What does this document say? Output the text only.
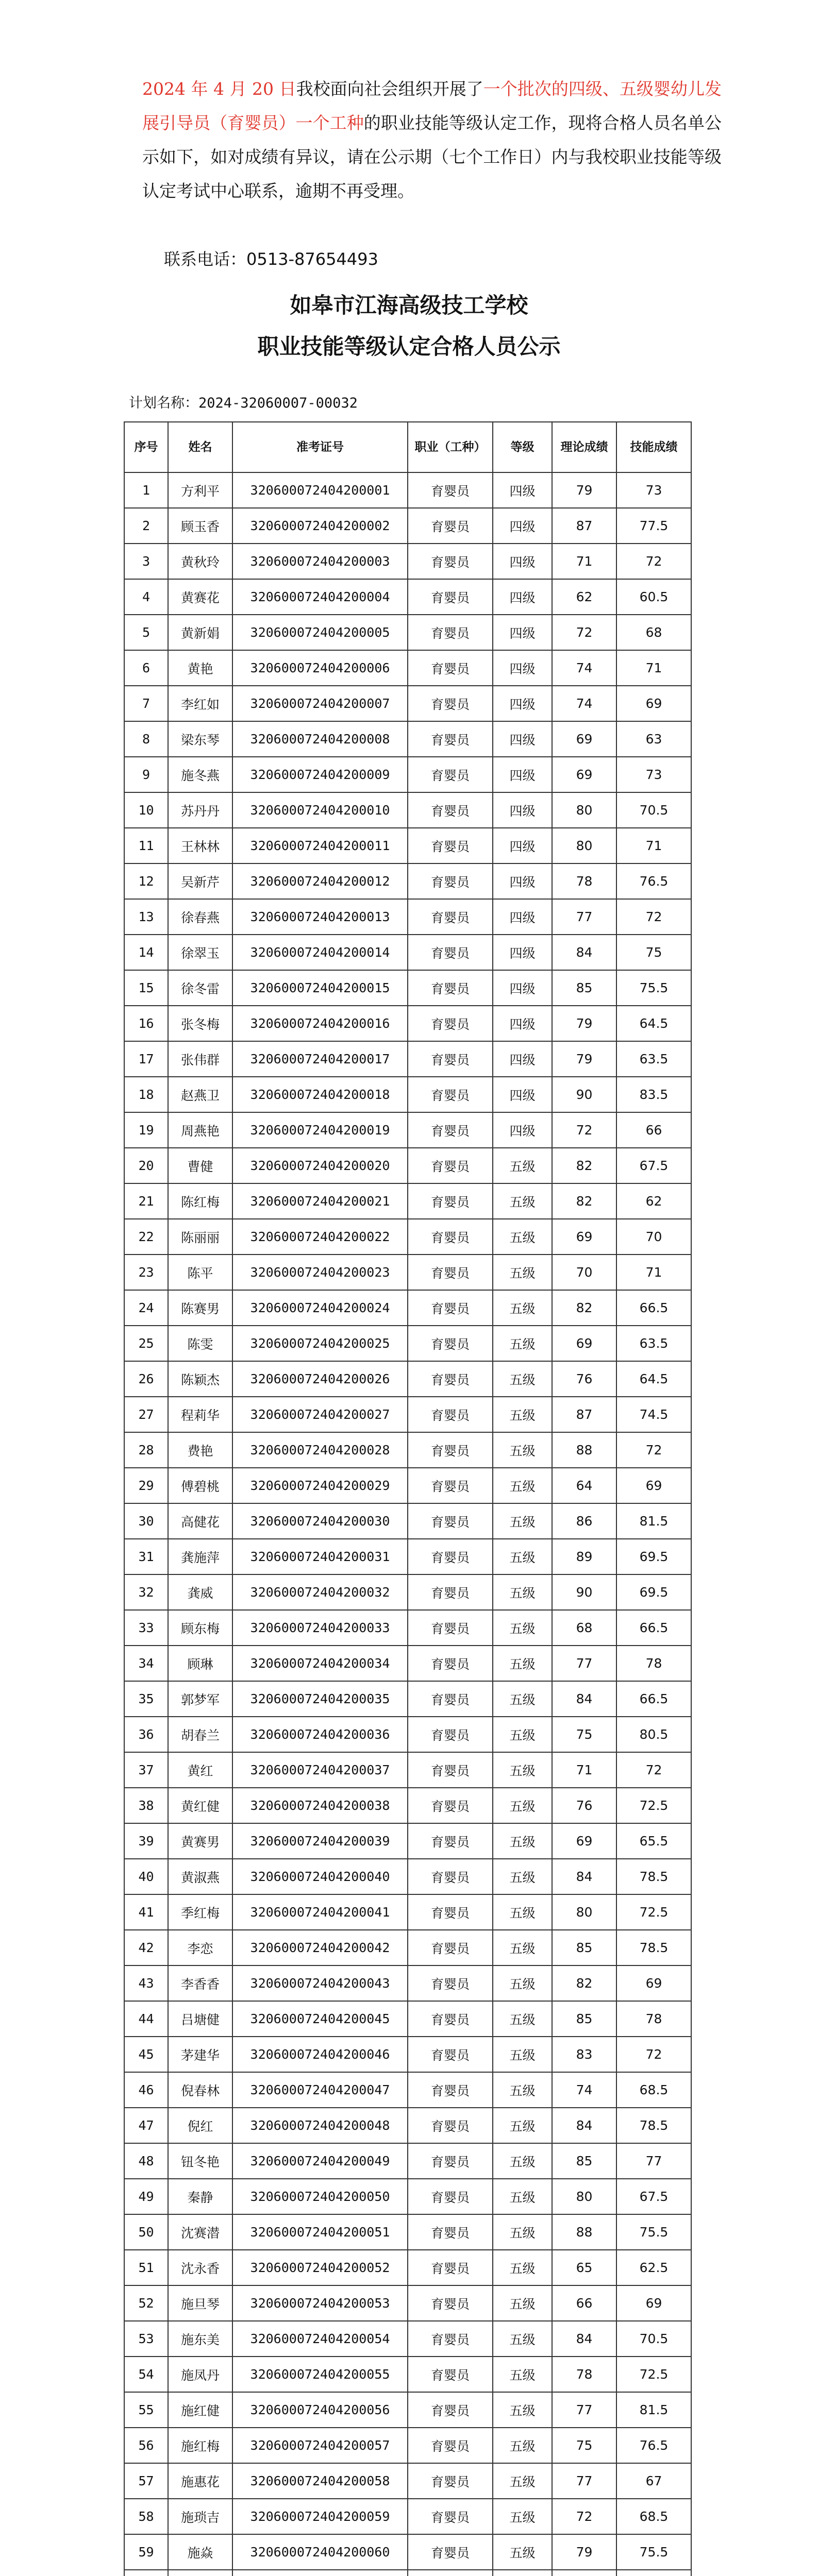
2024 年 4 月 20 日我校面向社会组织开展了一个批次的四级、五级婴幼儿发展引导员（育婴员）一个工种的职业技能等级认定工作，现将合格人员名单公示如下，如对成绩有异议，请在公示期（七个工作日）内与我校职业技能等级认定考试中心联系，逾期不再受理。
联系电话：0513-87654493
如皋市江海高级技工学校
职业技能等级认定合格人员公示
计划名称：2024-32060007-00032
序号	姓名	准考证号	职业（工种）	等级	理论成绩	技能成绩
1	方利平	320600072404200001	育婴员	四级	79	73
2	顾玉香	320600072404200002	育婴员	四级	87	77.5
3	黄秋玲	320600072404200003	育婴员	四级	71	72
4	黄赛花	320600072404200004	育婴员	四级	62	60.5
5	黄新娟	320600072404200005	育婴员	四级	72	68
6	黄艳	320600072404200006	育婴员	四级	74	71
7	李红如	320600072404200007	育婴员	四级	74	69
8	梁东琴	320600072404200008	育婴员	四级	69	63
9	施冬燕	320600072404200009	育婴员	四级	69	73
10	苏丹丹	320600072404200010	育婴员	四级	80	70.5
11	王林林	320600072404200011	育婴员	四级	80	71
12	吴新芹	320600072404200012	育婴员	四级	78	76.5
13	徐春燕	320600072404200013	育婴员	四级	77	72
14	徐翠玉	320600072404200014	育婴员	四级	84	75
15	徐冬雷	320600072404200015	育婴员	四级	85	75.5
16	张冬梅	320600072404200016	育婴员	四级	79	64.5
17	张伟群	320600072404200017	育婴员	四级	79	63.5
18	赵燕卫	320600072404200018	育婴员	四级	90	83.5
19	周燕艳	320600072404200019	育婴员	四级	72	66
20	曹健	320600072404200020	育婴员	五级	82	67.5
21	陈红梅	320600072404200021	育婴员	五级	82	62
22	陈丽丽	320600072404200022	育婴员	五级	69	70
23	陈平	320600072404200023	育婴员	五级	70	71
24	陈赛男	320600072404200024	育婴员	五级	82	66.5
25	陈雯	320600072404200025	育婴员	五级	69	63.5
26	陈颖杰	320600072404200026	育婴员	五级	76	64.5
27	程莉华	320600072404200027	育婴员	五级	87	74.5
28	费艳	320600072404200028	育婴员	五级	88	72
29	傅碧桃	320600072404200029	育婴员	五级	64	69
30	高健花	320600072404200030	育婴员	五级	86	81.5
31	龚施萍	320600072404200031	育婴员	五级	89	69.5
32	龚威	320600072404200032	育婴员	五级	90	69.5
33	顾东梅	320600072404200033	育婴员	五级	68	66.5
34	顾琳	320600072404200034	育婴员	五级	77	78
35	郭梦军	320600072404200035	育婴员	五级	84	66.5
36	胡春兰	320600072404200036	育婴员	五级	75	80.5
37	黄红	320600072404200037	育婴员	五级	71	72
38	黄红健	320600072404200038	育婴员	五级	76	72.5
39	黄赛男	320600072404200039	育婴员	五级	69	65.5
40	黄淑燕	320600072404200040	育婴员	五级	84	78.5
41	季红梅	320600072404200041	育婴员	五级	80	72.5
42	李恋	320600072404200042	育婴员	五级	85	78.5
43	李香香	320600072404200043	育婴员	五级	82	69
44	吕塘健	320600072404200045	育婴员	五级	85	78
45	茅建华	320600072404200046	育婴员	五级	83	72
46	倪春林	320600072404200047	育婴员	五级	74	68.5
47	倪红	320600072404200048	育婴员	五级	84	78.5
48	钮冬艳	320600072404200049	育婴员	五级	85	77
49	秦静	320600072404200050	育婴员	五级	80	67.5
50	沈赛潜	320600072404200051	育婴员	五级	88	75.5
51	沈永香	320600072404200052	育婴员	五级	65	62.5
52	施旦琴	320600072404200053	育婴员	五级	66	69
53	施东美	320600072404200054	育婴员	五级	84	70.5
54	施凤丹	320600072404200055	育婴员	五级	78	72.5
55	施红健	320600072404200056	育婴员	五级	77	81.5
56	施红梅	320600072404200057	育婴员	五级	75	76.5
57	施惠花	320600072404200058	育婴员	五级	77	67
58	施琐吉	320600072404200059	育婴员	五级	72	68.5
59	施焱	320600072404200060	育婴员	五级	79	75.5
